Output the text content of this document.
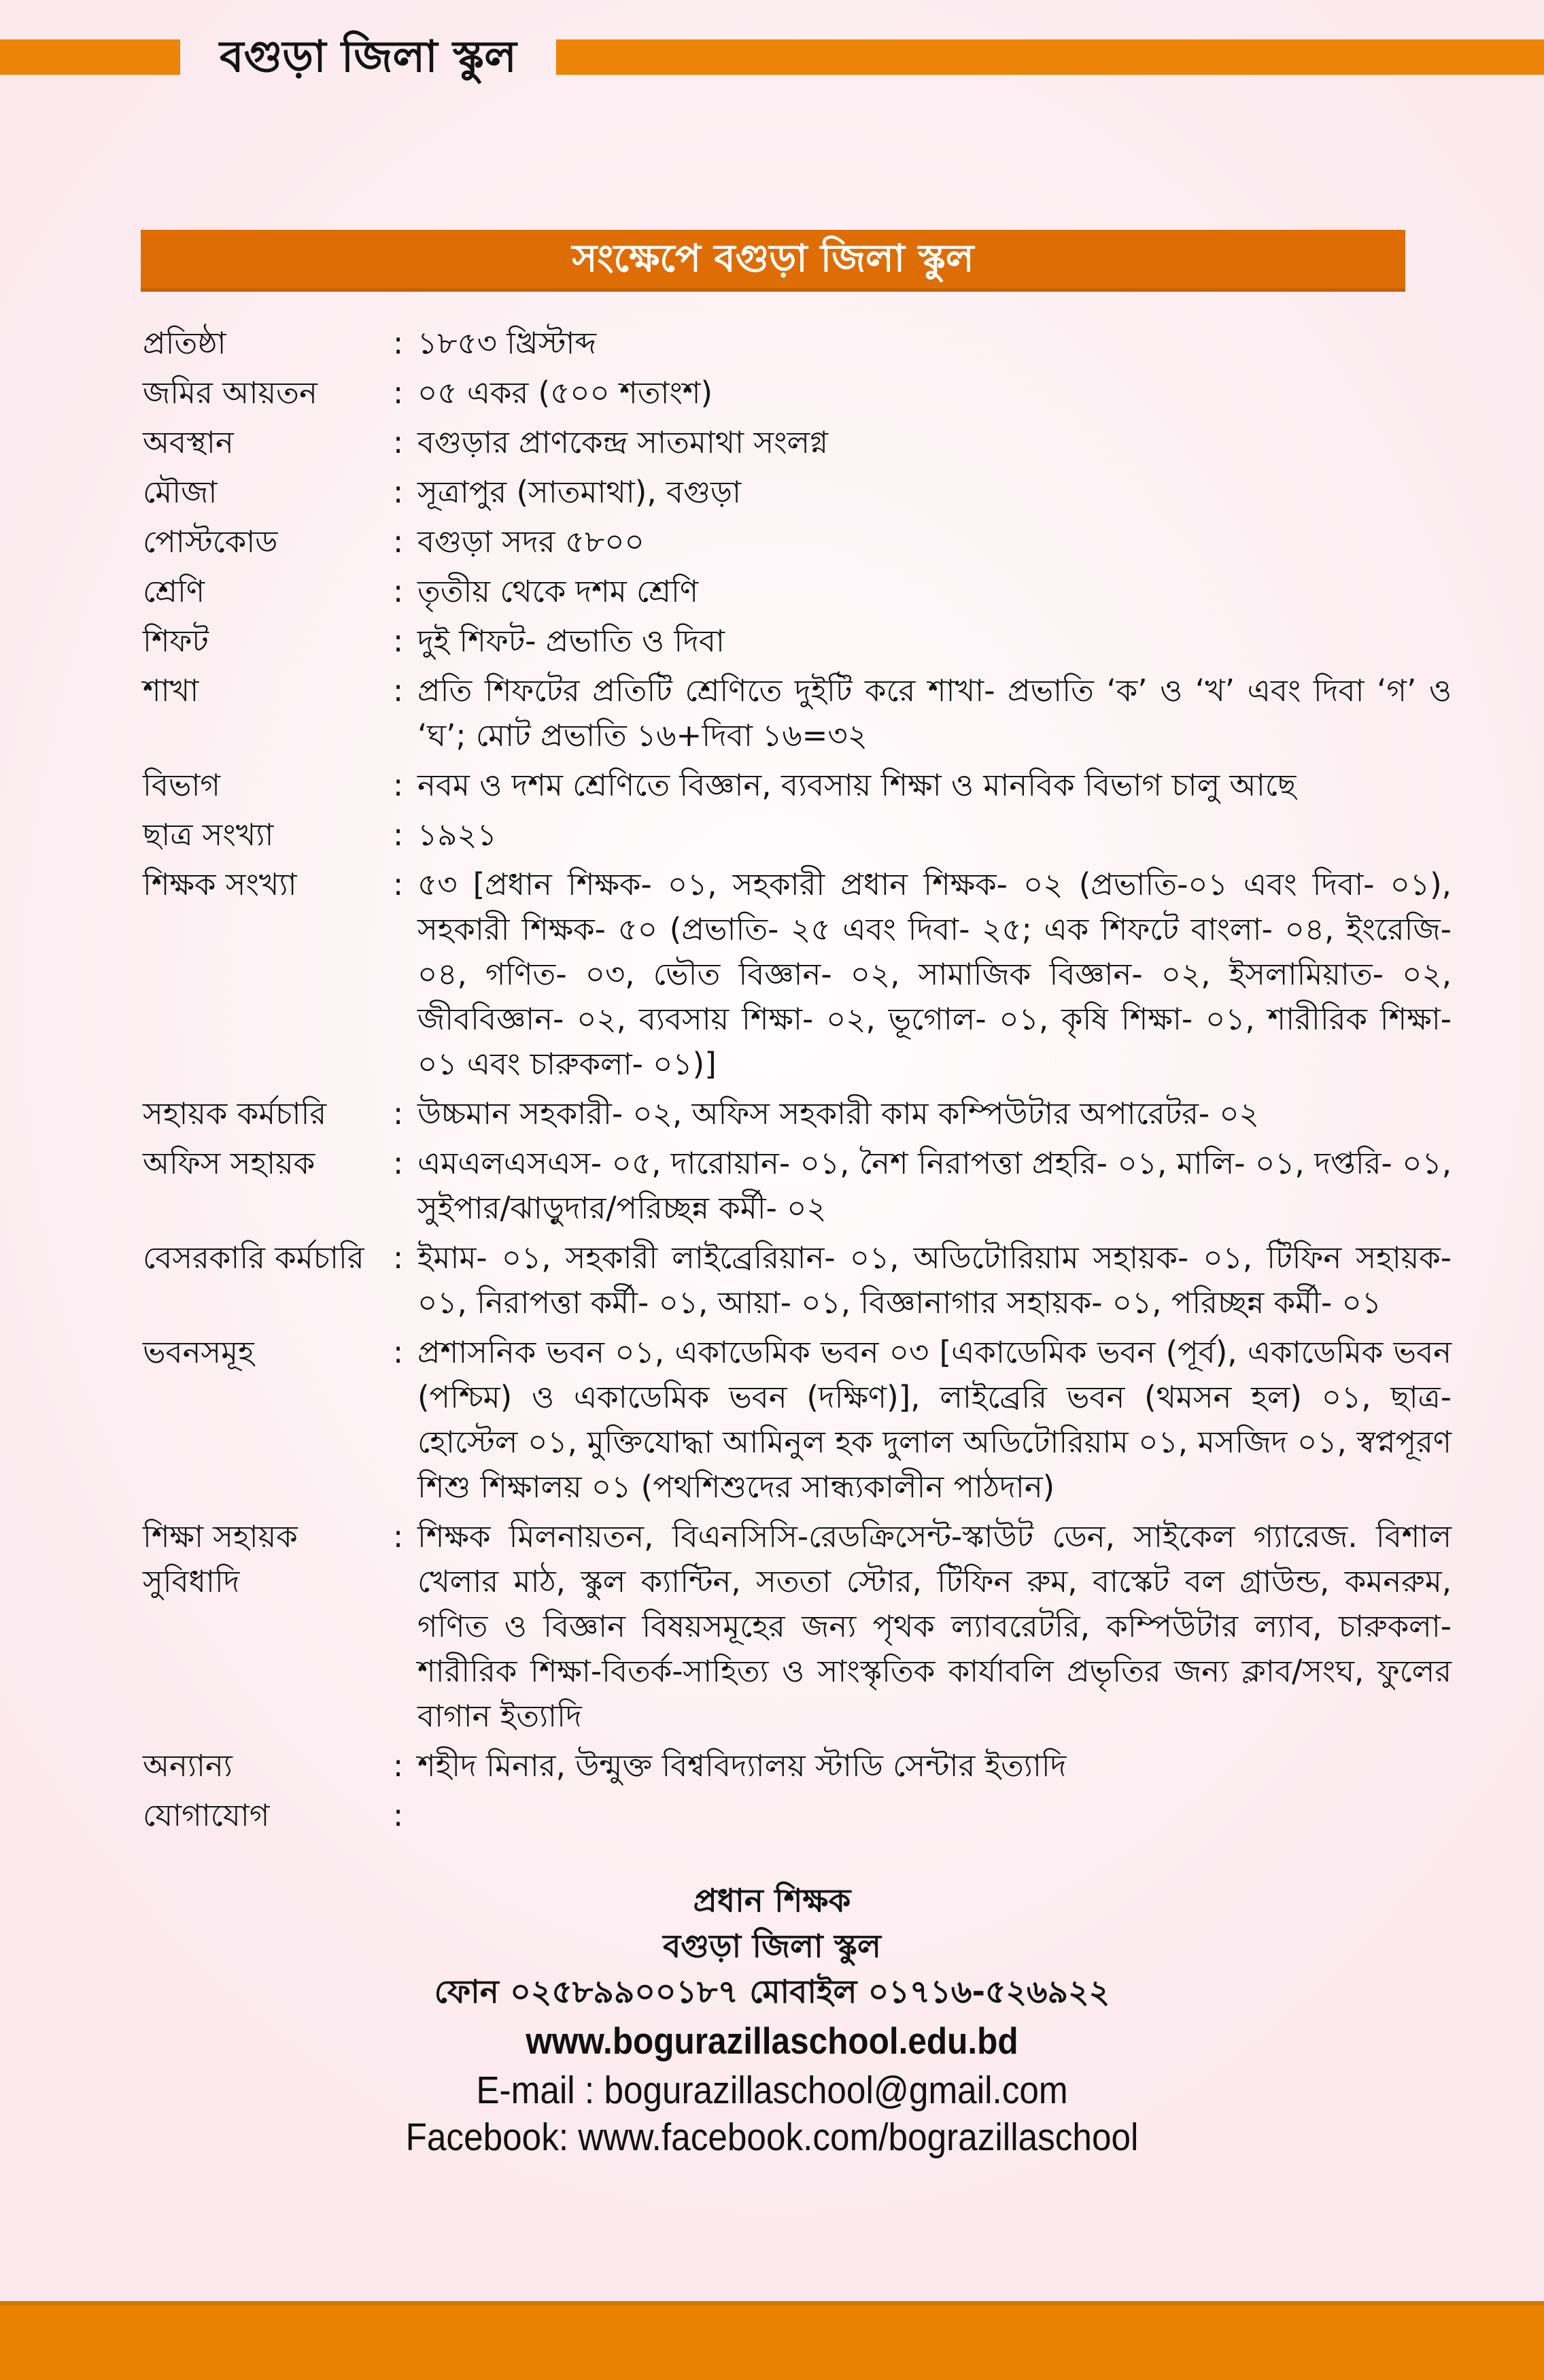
বগুড়া জিলা স্কুল
সংক্ষেপে বগুড়া জিলা স্কুল
প্রতিষ্ঠা	: ১৮৫৩ খ্রিস্টাব্দ
জমির আয়তন	: ০৫ একর (৫০০ শতাংশ)
অবস্থান	: বগুড়ার প্রাণকেন্দ্র সাতমাথা সংলগ্ন
মৌজা	: সূত্রাপুর (সাতমাথা), বগুড়া
পোস্টকোড	: বগুড়া সদর ৫৮০০
শ্রেণি	: তৃতীয় থেকে দশম শ্রেণি
শিফট	: দুই শিফট- প্রভাতি ও দিবা
শাখা	: প্রতি শিফটের প্রতিটি শ্রেণিতে দুইটি করে শাখা- প্রভাতি ‘ক’ ও ‘খ’ এবং দিবা ‘গ’ ও ‘ঘ’; মোট প্রভাতি ১৬+দিবা ১৬=৩২
বিভাগ	: নবম ও দশম শ্রেণিতে বিজ্ঞান, ব্যবসায় শিক্ষা ও মানবিক বিভাগ চালু আছে
ছাত্র সংখ্যা	: ১৯২১
শিক্ষক সংখ্যা	: ৫৩ [প্রধান শিক্ষক- ০১, সহকারী প্রধান শিক্ষক- ০২ (প্রভাতি-০১ এবং দিবা- ০১), সহকারী শিক্ষক- ৫০ (প্রভাতি- ২৫ এবং দিবা- ২৫; এক শিফটে বাংলা- ০৪, ইংরেজি- ০৪, গণিত- ০৩, ভৌত বিজ্ঞান- ০২, সামাজিক বিজ্ঞান- ০২, ইসলামিয়াত- ০২, জীববিজ্ঞান- ০২, ব্যবসায় শিক্ষা- ০২, ভূগোল- ০১, কৃষি শিক্ষা- ০১, শারীরিক শিক্ষা- ০১ এবং চারুকলা- ০১)]
সহায়ক কর্মচারি	: উচ্চমান সহকারী- ০২, অফিস সহকারী কাম কম্পিউটার অপারেটর- ০২
অফিস সহায়ক	: এমএলএসএস- ০৫, দারোয়ান- ০১, নৈশ নিরাপত্তা প্রহরি- ০১, মালি- ০১, দপ্তরি- ০১, সুইপার/ঝাড়ুদার/পরিচ্ছন্ন কর্মী- ০২
বেসরকারি কর্মচারি : ইমাম- ০১, সহকারী লাইব্রেরিয়ান- ০১, অডিটোরিয়াম সহায়ক- ০১, টিফিন সহায়ক- ০১, নিরাপত্তা কর্মী- ০১, আয়া- ০১, বিজ্ঞানাগার সহায়ক- ০১, পরিচ্ছন্ন কর্মী- ০১
ভবনসমূহ	: প্রশাসনিক ভবন ০১, একাডেমিক ভবন ০৩ [একাডেমিক ভবন (পূর্ব), একাডেমিক ভবন (পশ্চিম) ও একাডেমিক ভবন (দক্ষিণ)], লাইব্রেরি ভবন (থমসন হল) ০১, ছাত্র-হোস্টেল ০১, মুক্তিযোদ্ধা আমিনুল হক দুলাল অডিটোরিয়াম ০১, মসজিদ ০১, স্বপ্নপূরণ শিশু শিক্ষালয় ০১ (পথশিশুদের সান্ধ্যকালীন পাঠদান)
শিক্ষা সহায়ক সুবিধাদি
: শিক্ষক মিলনায়তন, বিএনসিসি-রেডক্রিসেন্ট-স্কাউট ডেন, সাইকেল গ্যারেজ. বিশাল খেলার মাঠ, স্কুল ক্যান্টিন, সততা স্টোর, টিফিন রুম, বাস্কেট বল গ্রাউন্ড, কমনরুম, গণিত ও বিজ্ঞান বিষয়সমূহের জন্য পৃথক ল্যাবরেটরি, কম্পিউটার ল্যাব, চারুকলা-শারীরিক শিক্ষা-বিতর্ক-সাহিত্য ও সাংস্কৃতিক কার্যাবলি প্রভৃতির জন্য ক্লাব/সংঘ, ফুলের বাগান ইত্যাদি
অন্যান্য	: শহীদ মিনার, উন্মুক্ত বিশ্ববিদ্যালয় স্টাডি সেন্টার ইত্যাদি
যোগাযোগ	:
প্রধান শিক্ষক
বগুড়া জিলা স্কুল
ফোন ০২৫৮৯৯০০১৮৭ মোবাইল ০১৭১৬-৫২৬৯২২
www.bogurazillaschool.edu.bd
E-mail : bogurazillaschool@gmail.com
Facebook: www.facebook.com/bograzillaschool
